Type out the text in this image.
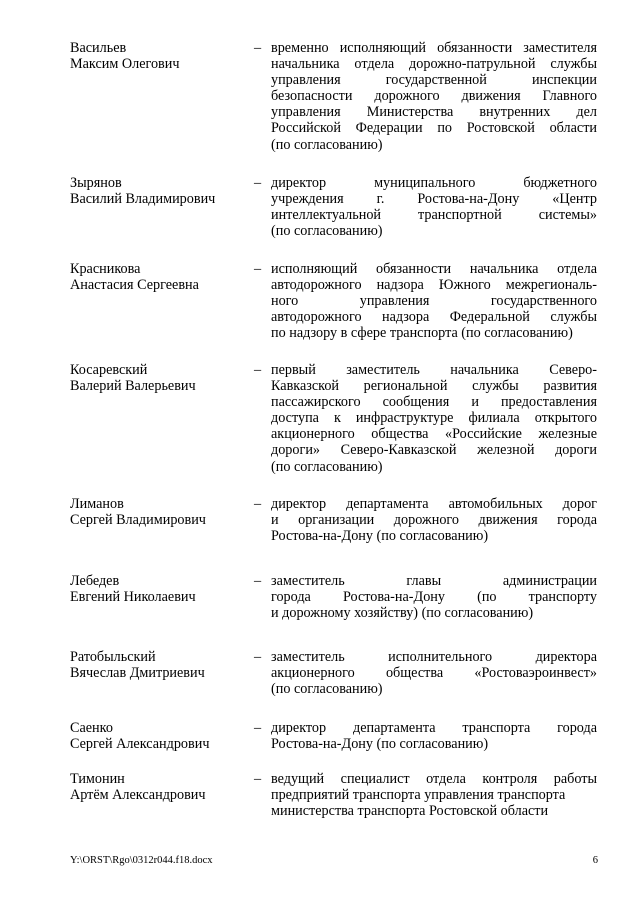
Васильев
Максим Олегович
– временно исполняющий обязанности заместителя
начальника отдела дорожно-патрульной службы
управления государственной инспекции
безопасности дорожного движения Главного
управления Министерства внутренних дел
Российской Федерации по Ростовской области
(по согласованию)
Зырянов
Василий Владимирович
– директор муниципального бюджетного
учреждения г. Ростова-на-Дону «Центр
интеллектуальной транспортной системы»
(по согласованию)
Красникова
Анастасия Сергеевна
– исполняющий обязанности начальника отдела
автодорожного надзора Южного межрегиональ-
ного управления государственного
автодорожного надзора Федеральной службы
по надзору в сфере транспорта (по согласованию)
Косаревский
Валерий Валерьевич
– первый заместитель начальника Северо-
Кавказской региональной службы развития
пассажирского сообщения и предоставления
доступа к инфраструктуре филиала открытого
акционерного общества «Российские железные
дороги» Северо-Кавказской железной дороги
(по согласованию)
Лиманов
Сергей Владимирович
– директор департамента автомобильных дорог
и организации дорожного движения города
Ростова-на-Дону (по согласованию)
Лебедев
Евгений Николаевич
– заместитель главы администрации
города Ростова-на-Дону (по транспорту
и дорожному хозяйству) (по согласованию)
Ратобыльский
Вячеслав Дмитриевич
– заместитель исполнительного директора
акционерного общества «Ростоваэроинвест»
(по согласованию)
Саенко
Сергей Александрович
– директор департамента транспорта города
Ростова-на-Дону (по согласованию)
Тимонин
Артём Александрович
– ведущий специалист отдела контроля работы
предприятий транспорта управления транспорта
министерства транспорта Ростовской области
Y:\ORST\Rgo\0312r044.f18.docx	6
